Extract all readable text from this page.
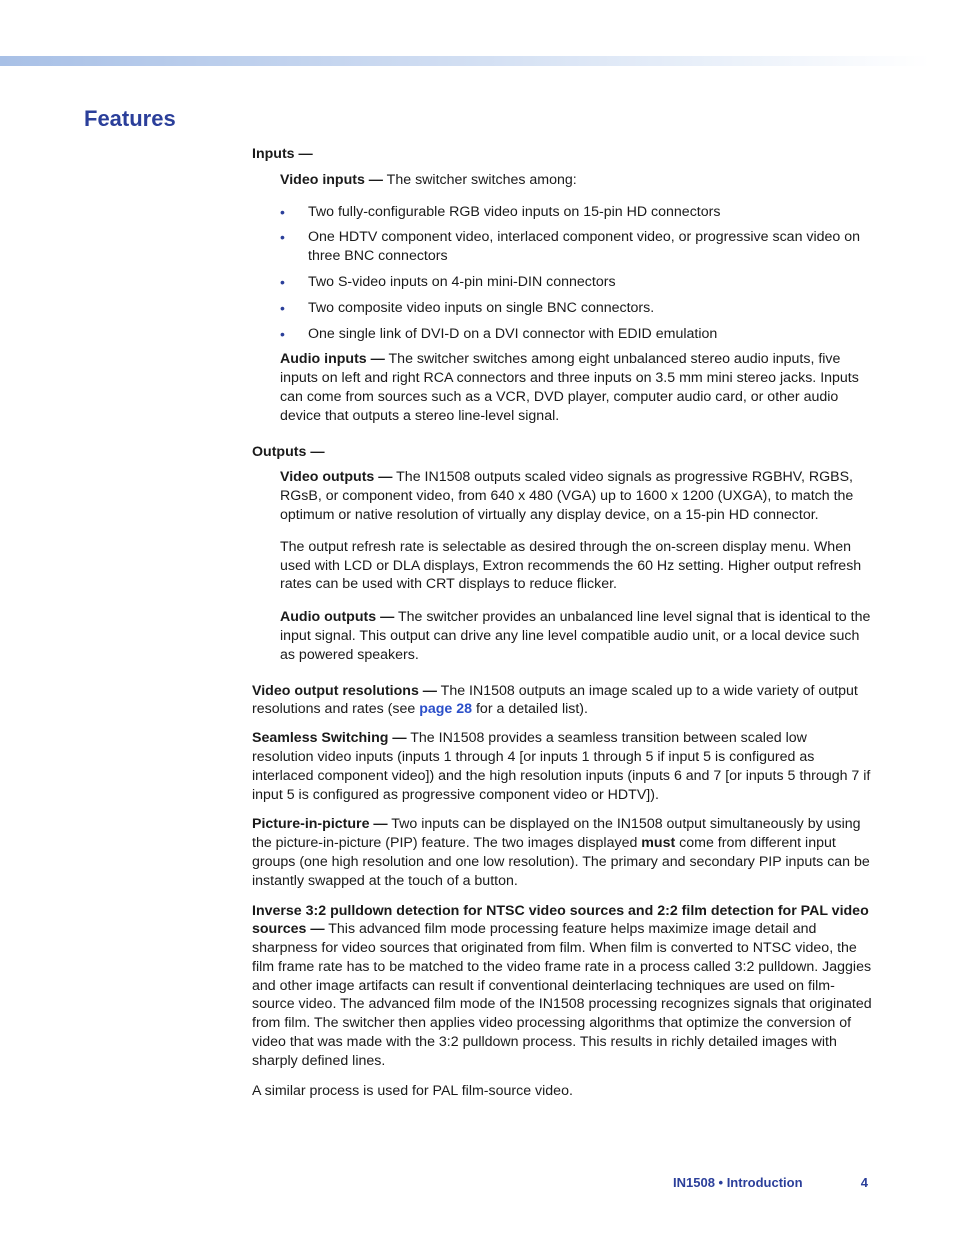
Features

Inputs —

Video inputs — The switcher switches among:

• Two fully-configurable RGB video inputs on 15-pin HD connectors
• One HDTV component video, interlaced component video, or progressive scan video on three BNC connectors
• Two S-video inputs on 4-pin mini-DIN connectors
• Two composite video inputs on single BNC connectors.
• One single link of DVI-D on a DVI connector with EDID emulation

Audio inputs — The switcher switches among eight unbalanced stereo audio inputs, five inputs on left and right RCA connectors and three inputs on 3.5 mm mini stereo jacks. Inputs can come from sources such as a VCR, DVD player, computer audio card, or other audio device that outputs a stereo line-level signal.

Outputs —

Video outputs — The IN1508 outputs scaled video signals as progressive RGBHV, RGBS, RGsB, or component video, from 640 x 480 (VGA) up to 1600 x 1200 (UXGA), to match the optimum or native resolution of virtually any display device, on a 15-pin HD connector.

The output refresh rate is selectable as desired through the on-screen display menu. When used with LCD or DLA displays, Extron recommends the 60 Hz setting. Higher output refresh rates can be used with CRT displays to reduce flicker.

Audio outputs — The switcher provides an unbalanced line level signal that is identical to the input signal. This output can drive any line level compatible audio unit, or a local device such as powered speakers.

Video output resolutions — The IN1508 outputs an image scaled up to a wide variety of output resolutions and rates (see page 28 for a detailed list).

Seamless Switching — The IN1508 provides a seamless transition between scaled low resolution video inputs (inputs 1 through 4 [or inputs 1 through 5 if input 5 is configured as interlaced component video]) and the high resolution inputs (inputs 6 and 7 [or inputs 5 through 7 if input 5 is configured as progressive component video or HDTV]).

Picture-in-picture — Two inputs can be displayed on the IN1508 output simultaneously by using the picture-in-picture (PIP) feature. The two images displayed must come from different input groups (one high resolution and one low resolution). The primary and secondary PIP inputs can be instantly swapped at the touch of a button.

Inverse 3:2 pulldown detection for NTSC video sources and 2:2 film detection for PAL video sources — This advanced film mode processing feature helps maximize image detail and sharpness for video sources that originated from film. When film is converted to NTSC video, the film frame rate has to be matched to the video frame rate in a process called 3:2 pulldown. Jaggies and other image artifacts can result if conventional deinterlacing techniques are used on film-source video. The advanced film mode of the IN1508 processing recognizes signals that originated from film. The switcher then applies video processing algorithms that optimize the conversion of video that was made with the 3:2 pulldown process. This results in richly detailed images with sharply defined lines.

A similar process is used for PAL film-source video.

IN1508 • Introduction	4
